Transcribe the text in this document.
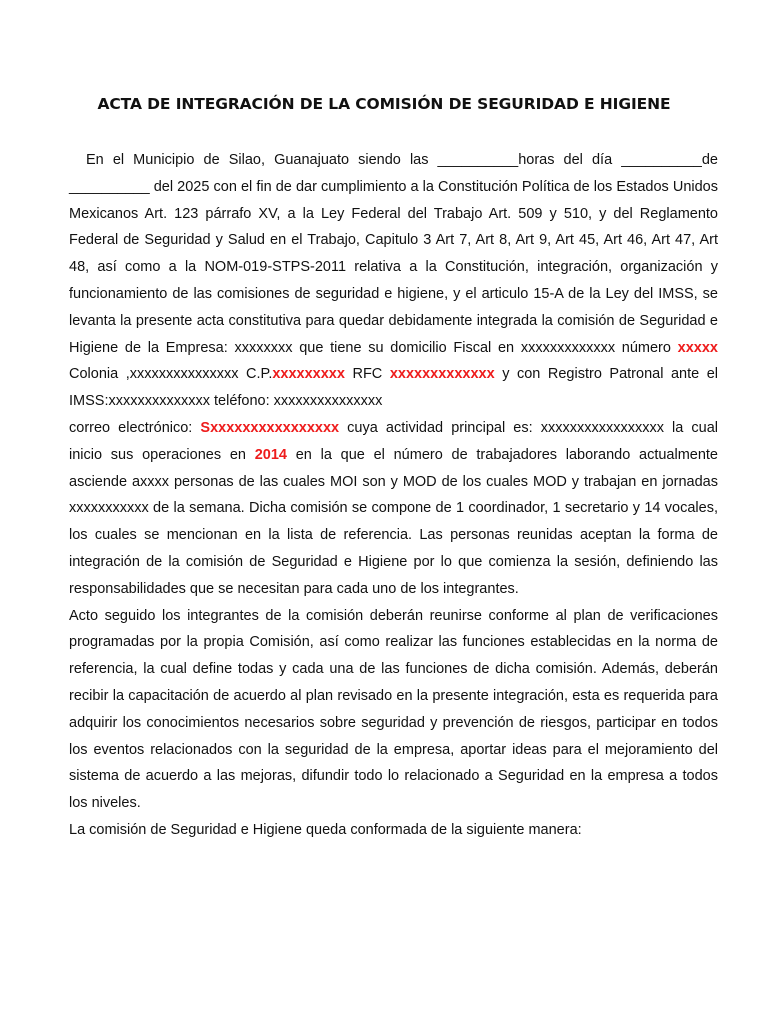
ACTA DE INTEGRACIÓN DE LA COMISIÓN DE SEGURIDAD E HIGIENE

En el Municipio de Silao, Guanajuato siendo las __________horas del día __________de __________ del 2025 con el fin de dar cumplimiento a la Constitución Política de los Estados Unidos Mexicanos Art. 123 párrafo XV, a la Ley Federal del Trabajo Art. 509 y 510, y del Reglamento Federal de Seguridad y Salud en el Trabajo, Capitulo 3 Art 7, Art 8, Art 9, Art 45, Art 46, Art 47, Art 48, así como a la NOM-019-STPS-2011 relativa a la Constitución, integración, organización y funcionamiento de las comisiones de seguridad e higiene, y el articulo 15-A de la Ley del IMSS, se levanta la presente acta constitutiva para quedar debidamente integrada la comisión de Seguridad e Higiene de la Empresa: xxxxxxxx que tiene su domicilio Fiscal en xxxxxxxxxxxxx número xxxxx Colonia ,xxxxxxxxxxxxxxx C.P.xxxxxxxxx RFC xxxxxxxxxxxxx y con Registro Patronal ante el IMSS:xxxxxxxxxxxxxx teléfono: xxxxxxxxxxxxxxx

correo electrónico: Sxxxxxxxxxxxxxxxx cuya actividad principal es: xxxxxxxxxxxxxxxxx la cual inicio sus operaciones en 2014 en la que el número de trabajadores laborando actualmente asciende axxxx personas de las cuales MOI son y MOD de los cuales MOD y trabajan en jornadas xxxxxxxxxxx de la semana. Dicha comisión se compone de 1 coordinador, 1 secretario y 14 vocales, los cuales se mencionan en la lista de referencia. Las personas reunidas aceptan la forma de integración de la comisión de Seguridad e Higiene por lo que comienza la sesión, definiendo las responsabilidades que se necesitan para cada uno de los integrantes.

Acto seguido los integrantes de la comisión deberán reunirse conforme al plan de verificaciones programadas por la propia Comisión, así como realizar las funciones establecidas en la norma de referencia, la cual define todas y cada una de las funciones de dicha comisión. Además, deberán recibir la capacitación de acuerdo al plan revisado en la presente integración, esta es requerida para adquirir los conocimientos necesarios sobre seguridad y prevención de riesgos, participar en todos los eventos relacionados con la seguridad de la empresa, aportar ideas para el mejoramiento del sistema de acuerdo a las mejoras, difundir todo lo relacionado a Seguridad en la empresa a todos los niveles.

La comisión de Seguridad e Higiene queda conformada de la siguiente manera:
